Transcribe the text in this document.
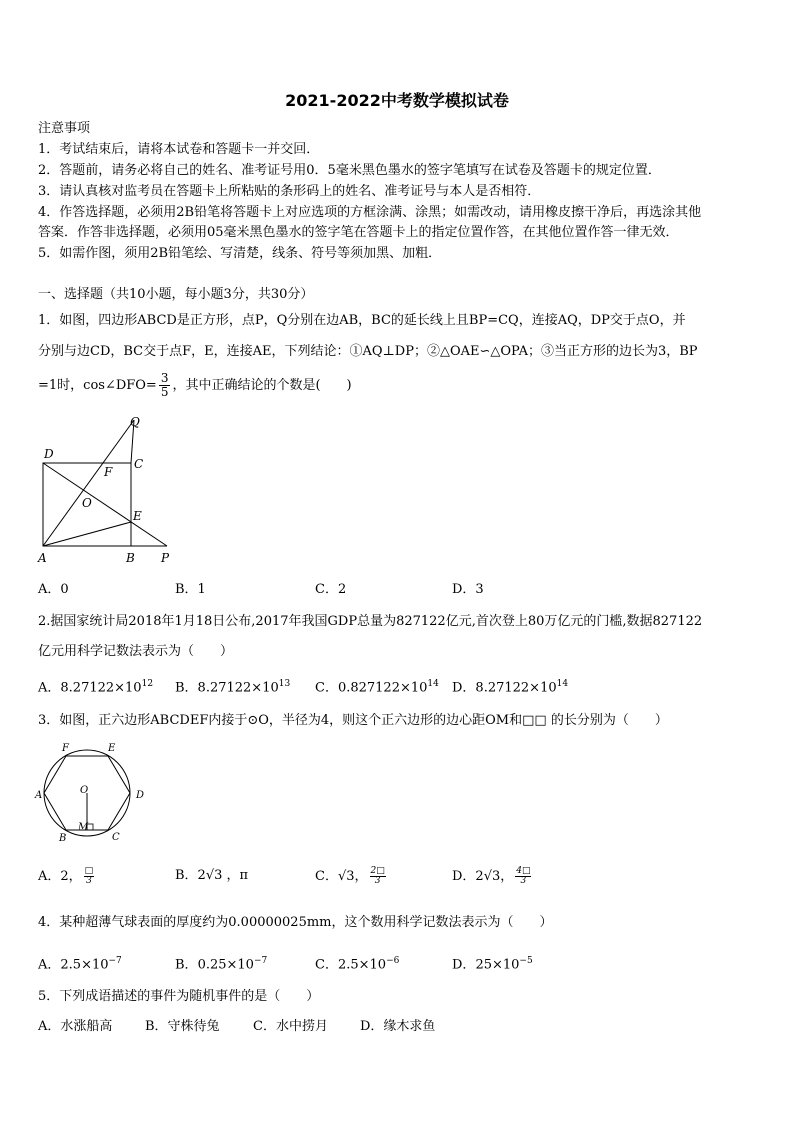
2021-2022中考数学模拟试卷
注意事项
1．考试结束后，请将本试卷和答题卡一并交回．
2．答题前，请务必将自己的姓名、准考证号用0．5毫米黑色墨水的签字笔填写在试卷及答题卡的规定位置．
3．请认真核对监考员在答题卡上所粘贴的条形码上的姓名、准考证号与本人是否相符．
4．作答选择题，必须用2B铅笔将答题卡上对应选项的方框涂满、涂黑；如需改动，请用橡皮擦干净后，再选涂其他
答案．作答非选择题，必须用05毫米黑色墨水的签字笔在答题卡上的指定位置作答，在其他位置作答一律无效．
5．如需作图，须用2B铅笔绘、写清楚，线条、符号等须加黑、加粗．
一、选择题（共10小题，每小题3分，共30分）
1．如图，四边形ABCD是正方形，点P，Q分别在边AB，BC的延长线上且BP=CQ，连接AQ，DP交于点O，并
分别与边CD，BC交于点F，E，连接AE，下列结论：①AQ⊥DP；②△OAE∽△OPA；③当正方形的边长为3，BP
=1时，cos∠DFO= $\frac{3}{5}$ ，其中正确结论的个数是(　　)
Q
D
C
F
O
E
A	B P
A．0	B．1	C．2	D．3
2.据国家统计局2018年1月18日公布,2017年我国GDP总量为827122亿元,首次登上80万亿元的门槛,数据827122
亿元用科学记数法表示为（　　）
A．$8.27122\times 10^{12}$ B．$8.27122\times 10^{13}$ C．$0.827122\times 10^{14}$ D．$8.27122\times 10^{14}$
3．如图，正六边形ABCDEF内接于⊙O，半径为4，则这个正六边形的边心距OM和□□ 的长分别为（　　）
F	E
A	D
O
M
B	C
A．2， □
3	B．2√3 ，π	C．√3， $\frac{2□}{3}$	D．2√3， $\frac{4□}{3}$
4．某种超薄气球表面的厚度约为0.00000025mm，这个数用科学记数法表示为（　　）
A．$2.5\times 10^{-7}$	B．$0.25\times 10^{-7}$	C．$2.5\times 10^{-6}$	D．$25\times 10^{-5}$
5．下列成语描述的事件为随机事件的是（　　）
A．水涨船高	B．守株待兔	C．水中捞月 D．缘木求鱼
